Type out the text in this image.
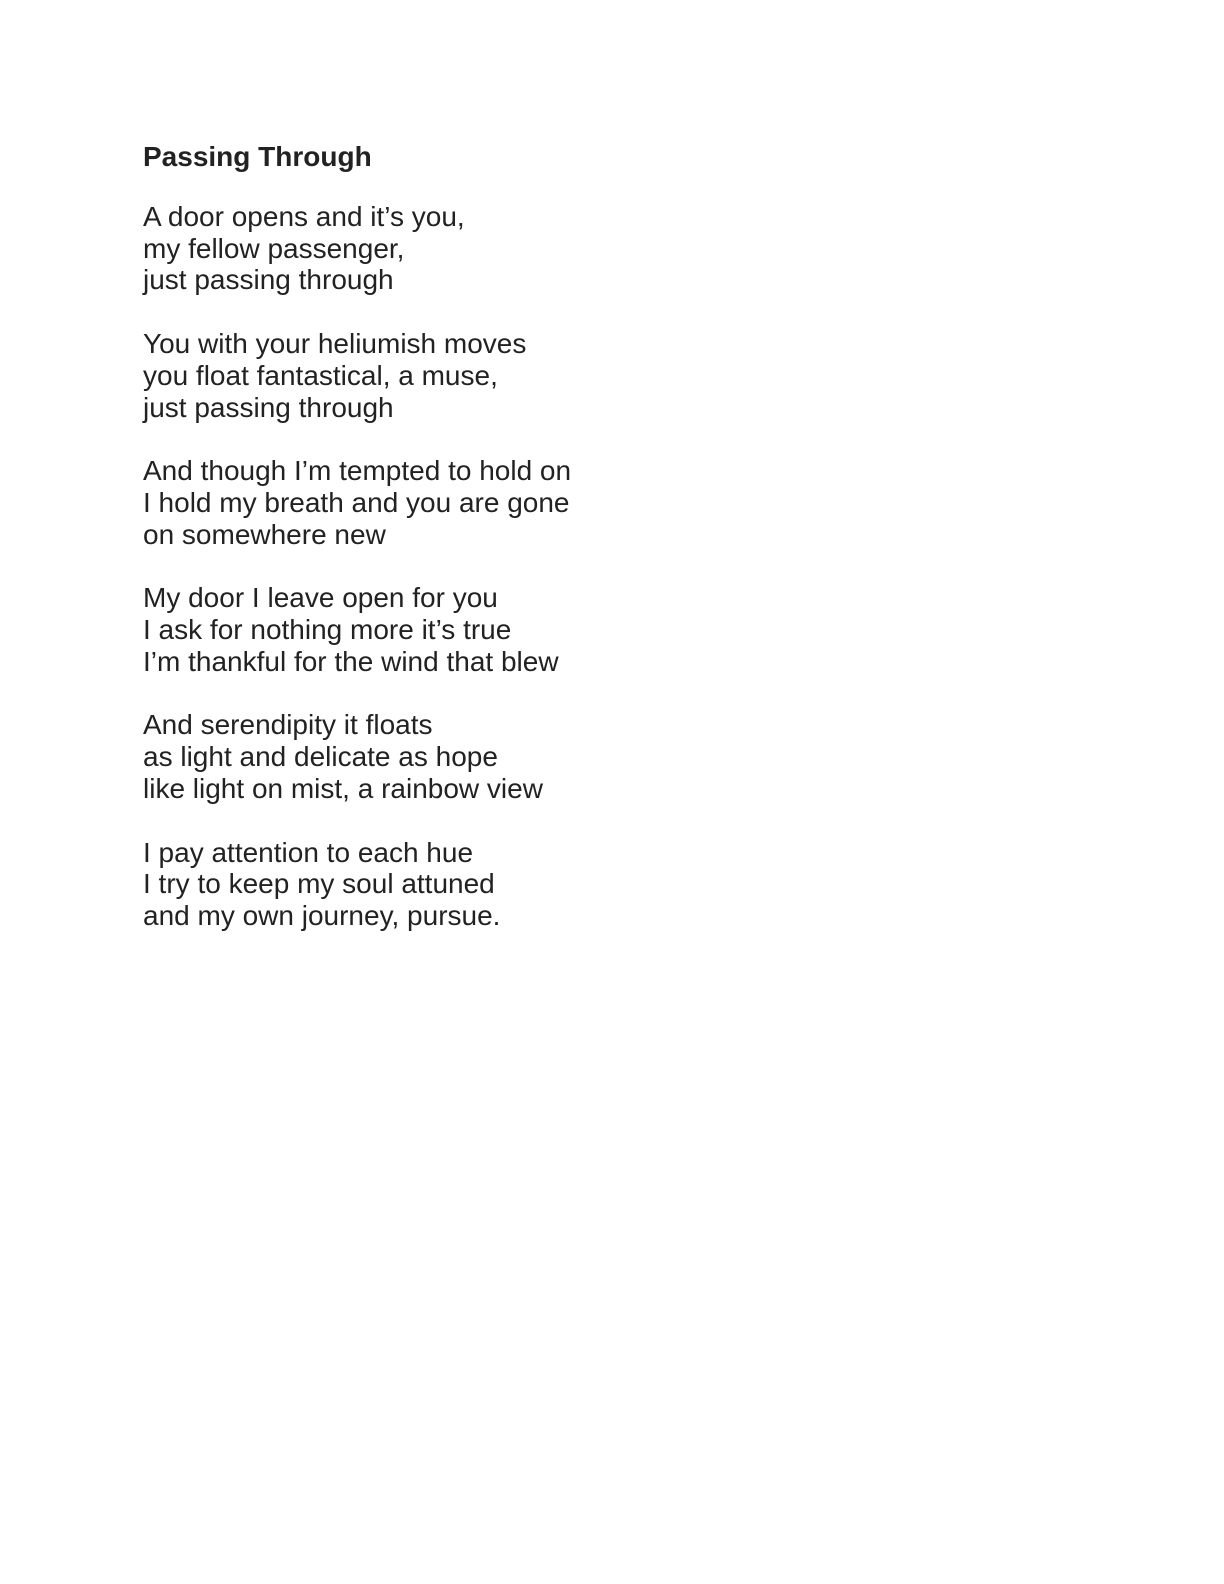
Passing Through
A door opens and it’s you,
my fellow passenger,
just passing through
You with your heliumish moves
you float fantastical, a muse,
just passing through
And though I’m tempted to hold on
I hold my breath and you are gone
on somewhere new
My door I leave open for you
I ask for nothing more it’s true
I’m thankful for the wind that blew
And serendipity it floats
as light and delicate as hope
like light on mist, a rainbow view
I pay attention to each hue
I try to keep my soul attuned
and my own journey, pursue.
